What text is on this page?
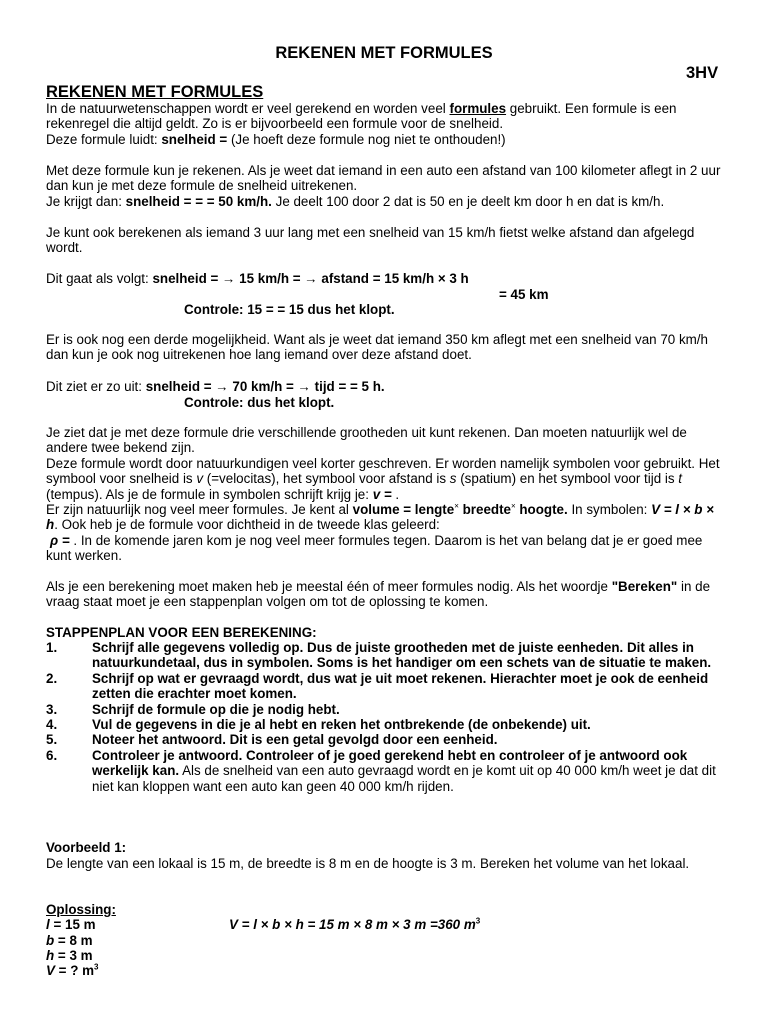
REKENEN MET FORMULES
3HV
REKENEN MET FORMULES

In de natuurwetenschappen wordt er veel gerekend en worden veel formules gebruikt. Een formule is een rekenregel die altijd geldt. Zo is er bijvoorbeeld een formule voor de snelheid.

Deze formule luidt: snelheid = (Je hoeft deze formule nog niet te onthouden!)

Met deze formule kun je rekenen. Als je weet dat iemand in een auto een afstand van 100 kilometer aflegt in 2 uur dan kun je met deze formule de snelheid uitrekenen.

Je krijgt dan: snelheid = = = 50 km/h. Je deelt 100 door 2 dat is 50 en je deelt km door h en dat is km/h.

Je kunt ook berekenen als iemand 3 uur lang met een snelheid van 15 km/h fietst welke afstand dan afgelegd wordt.

Dit gaat als volgt: snelheid = → 15 km/h = → afstand = 15 km/h × 3 h
= 45 km
Controle: 15 = = 15 dus het klopt.

Er is ook nog een derde mogelijkheid. Want als je weet dat iemand 350 km aflegt met een snelheid van 70 km/h dan kun je ook nog uitrekenen hoe lang iemand over deze afstand doet.

Dit ziet er zo uit: snelheid = → 70 km/h = → tijd = = 5 h.
Controle: dus het klopt.

Je ziet dat je met deze formule drie verschillende grootheden uit kunt rekenen. Dan moeten natuurlijk wel de andere twee bekend zijn.

Deze formule wordt door natuurkundigen veel korter geschreven. Er worden namelijk symbolen voor gebruikt. Het symbool voor snelheid is v (=velocitas), het symbool voor afstand is s (spatium) en het symbool voor tijd is t (tempus). Als je de formule in symbolen schrijft krijg je: v = .

Er zijn natuurlijk nog veel meer formules. Je kent al volume = lengte× breedte× hoogte. In symbolen: V = l × b × h. Ook heb je de formule voor dichtheid in de tweede klas geleerd:

ρ = . In de komende jaren kom je nog veel meer formules tegen. Daarom is het van belang dat je er goed mee kunt werken.

Als je een berekening moet maken heb je meestal één of meer formules nodig. Als het woordje "Bereken" in de vraag staat moet je een stappenplan volgen om tot de oplossing te komen.

STAPPENPLAN VOOR EEN BEREKENING:
1.	Schrijf alle gegevens volledig op. Dus de juiste grootheden met de juiste eenheden. Dit alles in natuurkundetaal, dus in symbolen. Soms is het handiger om een schets van de situatie te maken.
2.	Schrijf op wat er gevraagd wordt, dus wat je uit moet rekenen. Hierachter moet je ook de eenheid zetten die erachter moet komen.
3.	Schrijf de formule op die je nodig hebt.
4.	Vul de gegevens in die je al hebt en reken het ontbrekende (de onbekende) uit.
5.	Noteer het antwoord. Dit is een getal gevolgd door een eenheid.
6.	Controleer je antwoord. Controleer of je goed gerekend hebt en controleer of je antwoord ook werkelijk kan. Als de snelheid van een auto gevraagd wordt en je komt uit op 40 000 km/h weet je dat dit niet kan kloppen want een auto kan geen 40 000 km/h rijden.
Voorbeeld 1:

De lengte van een lokaal is 15 m, de breedte is 8 m en de hoogte is 3 m. Bereken het volume van het lokaal.

Oplossing:
l = 15 m
b = 8 m
h = 3 m
V = ? $m^3$
V = l × b × h = 15 m × 8 m × 3 m =360 $m^3$
